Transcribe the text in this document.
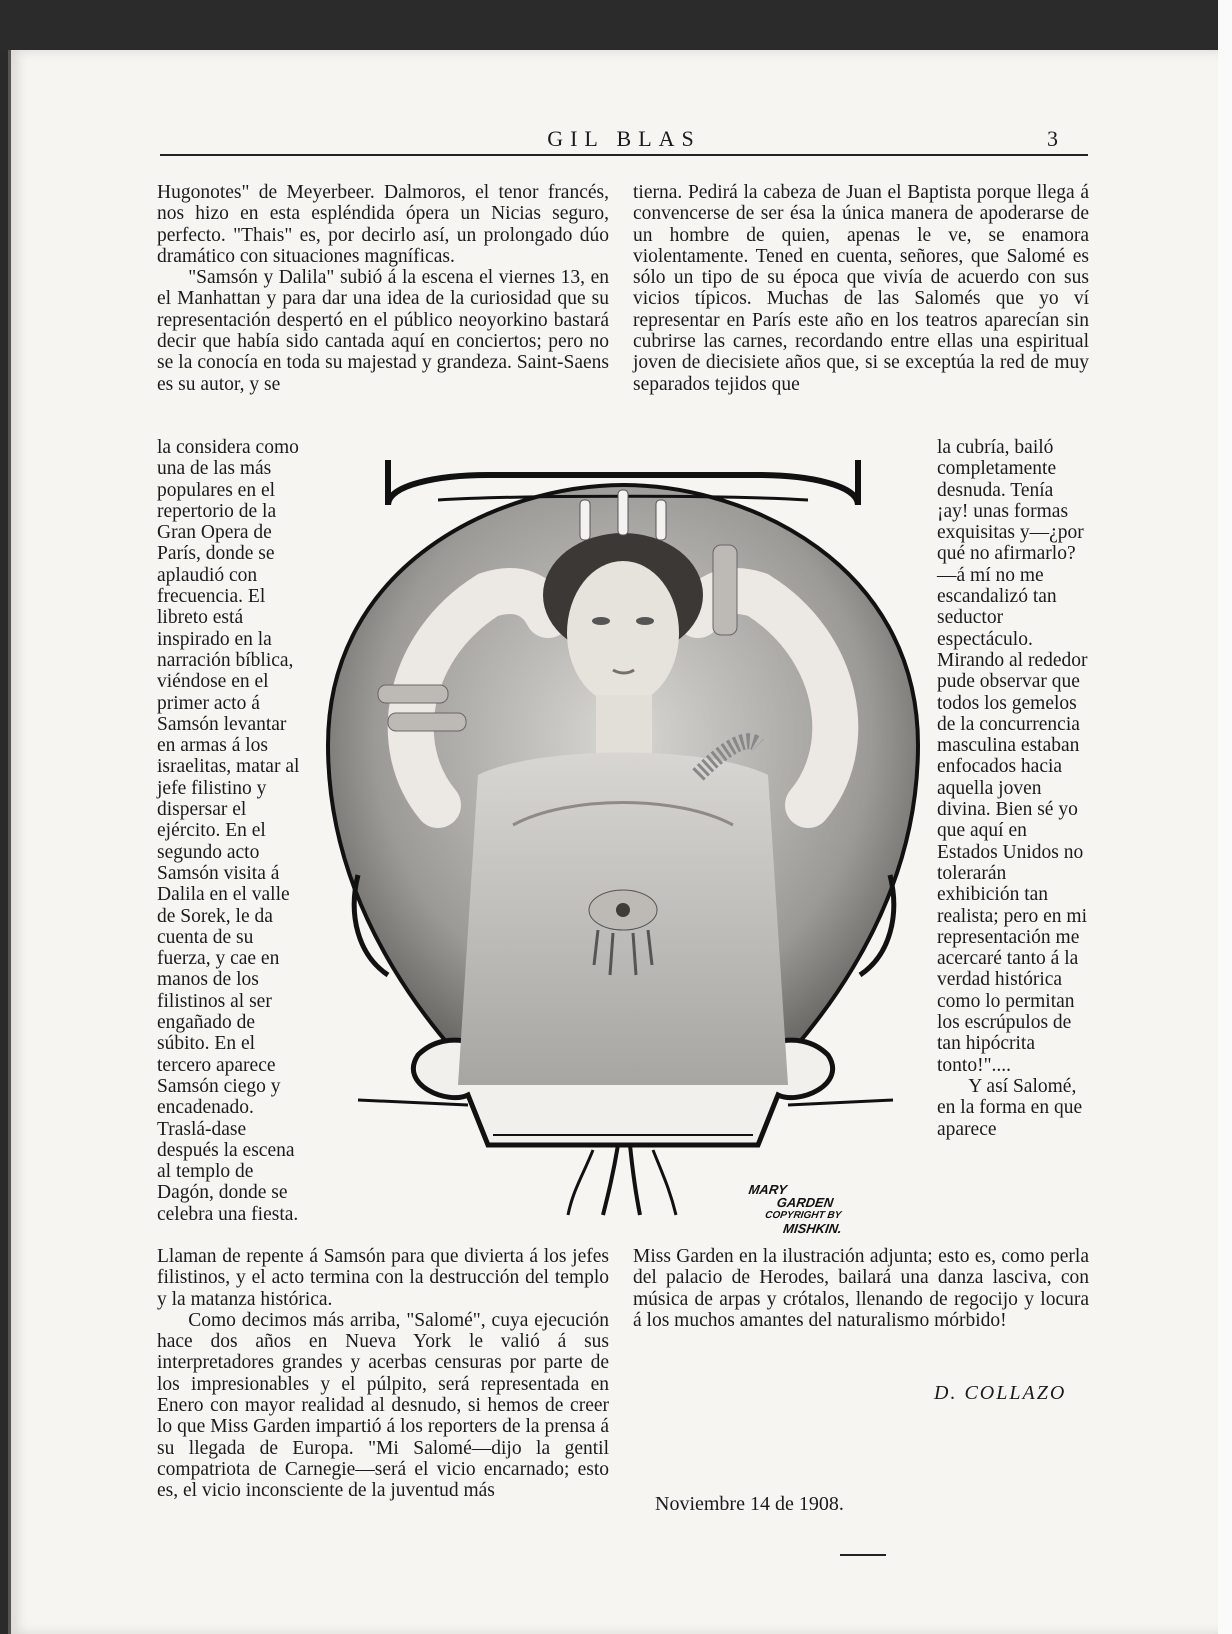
GIL BLAS	3

Hugonotes" de Meyerbeer. Dalmoros, el tenor francés, nos hizo en esta espléndida ópera un Nicias seguro, perfecto. "Thais" es, por decirlo así, un prolongado dúo dramático con situaciones magníficas.

"Samsón y Dalila" subió á la escena el viernes 13, en el Manhattan y para dar una idea de la curiosidad que su representación despertó en el público neoyorkino bastará decir que había sido cantada aquí en conciertos; pero no se la conocía en toda su majestad y grandeza. Saint-Saens es su autor, y se

la considera como una de las más populares en el repertorio de la Gran Opera de París, donde se aplaudió con frecuencia. El libreto está inspirado en la narración bíblica, viéndose en el primer acto á Samsón levantar en armas á los israelitas, matar al jefe filistino y dispersar el ejército. En el segundo acto Samsón visita á Dalila en el valle de Sorek, le da cuenta de su fuerza, y cae en manos de los filistinos al ser engañado de súbito. En el tercero aparece Samsón ciego y encadenado. Traslá-dase después la escena al templo de Dagón, donde se celebra una fiesta.

tierna. Pedirá la cabeza de Juan el Baptista porque llega á convencerse de ser ésa la única manera de apoderarse de un hombre de quien, apenas le ve, se enamora violentamente. Tened en cuenta, señores, que Salomé es sólo un tipo de su época que vivía de acuerdo con sus vicios típicos. Muchas de las Salomés que yo ví representar en París este año en los teatros aparecían sin cubrirse las carnes, recordando entre ellas una espiritual joven de diecisiete años que, si se exceptúa la red de muy separados tejidos que

la cubría, bailó completamente desnuda. Tenía ¡ay! unas formas exquisitas y—¿por qué no afirmarlo?—á mí no me escandalizó tan seductor espectáculo. Mirando al rededor pude observar que todos los gemelos de la concurrencia masculina estaban enfocados hacia aquella joven divina. Bien sé yo que aquí en Estados Unidos no tolerarán exhibición tan realista; pero en mi representación me acercaré tanto á la verdad histórica como lo permitan los escrúpulos de tan hipócrita tonto!"....

Y así Salomé, en la forma en que aparece

MARY
GARDEN
COPYRIGHT BY
MISHKIN.

Llaman de repente á Samsón para que divierta á los jefes filistinos, y el acto termina con la destrucción del templo y la matanza histórica.

Como decimos más arriba, "Salomé", cuya ejecución hace dos años en Nueva York le valió á sus interpretadores grandes y acerbas censuras por parte de los impresionables y el púlpito, será representada en Enero con mayor realidad al desnudo, si hemos de creer lo que Miss Garden impartió á los reporters de la prensa á su llegada de Europa. "Mi Salomé—dijo la gentil compatriota de Carnegie—será el vicio encarnado; esto es, el vicio inconsciente de la juventud más

Miss Garden en la ilustración adjunta; esto es, como perla del palacio de Herodes, bailará una danza lasciva, con música de arpas y crótalos, llenando de regocijo y locura á los muchos amantes del naturalismo mórbido!

D. COLLAZO
Noviembre 14 de 1908.
